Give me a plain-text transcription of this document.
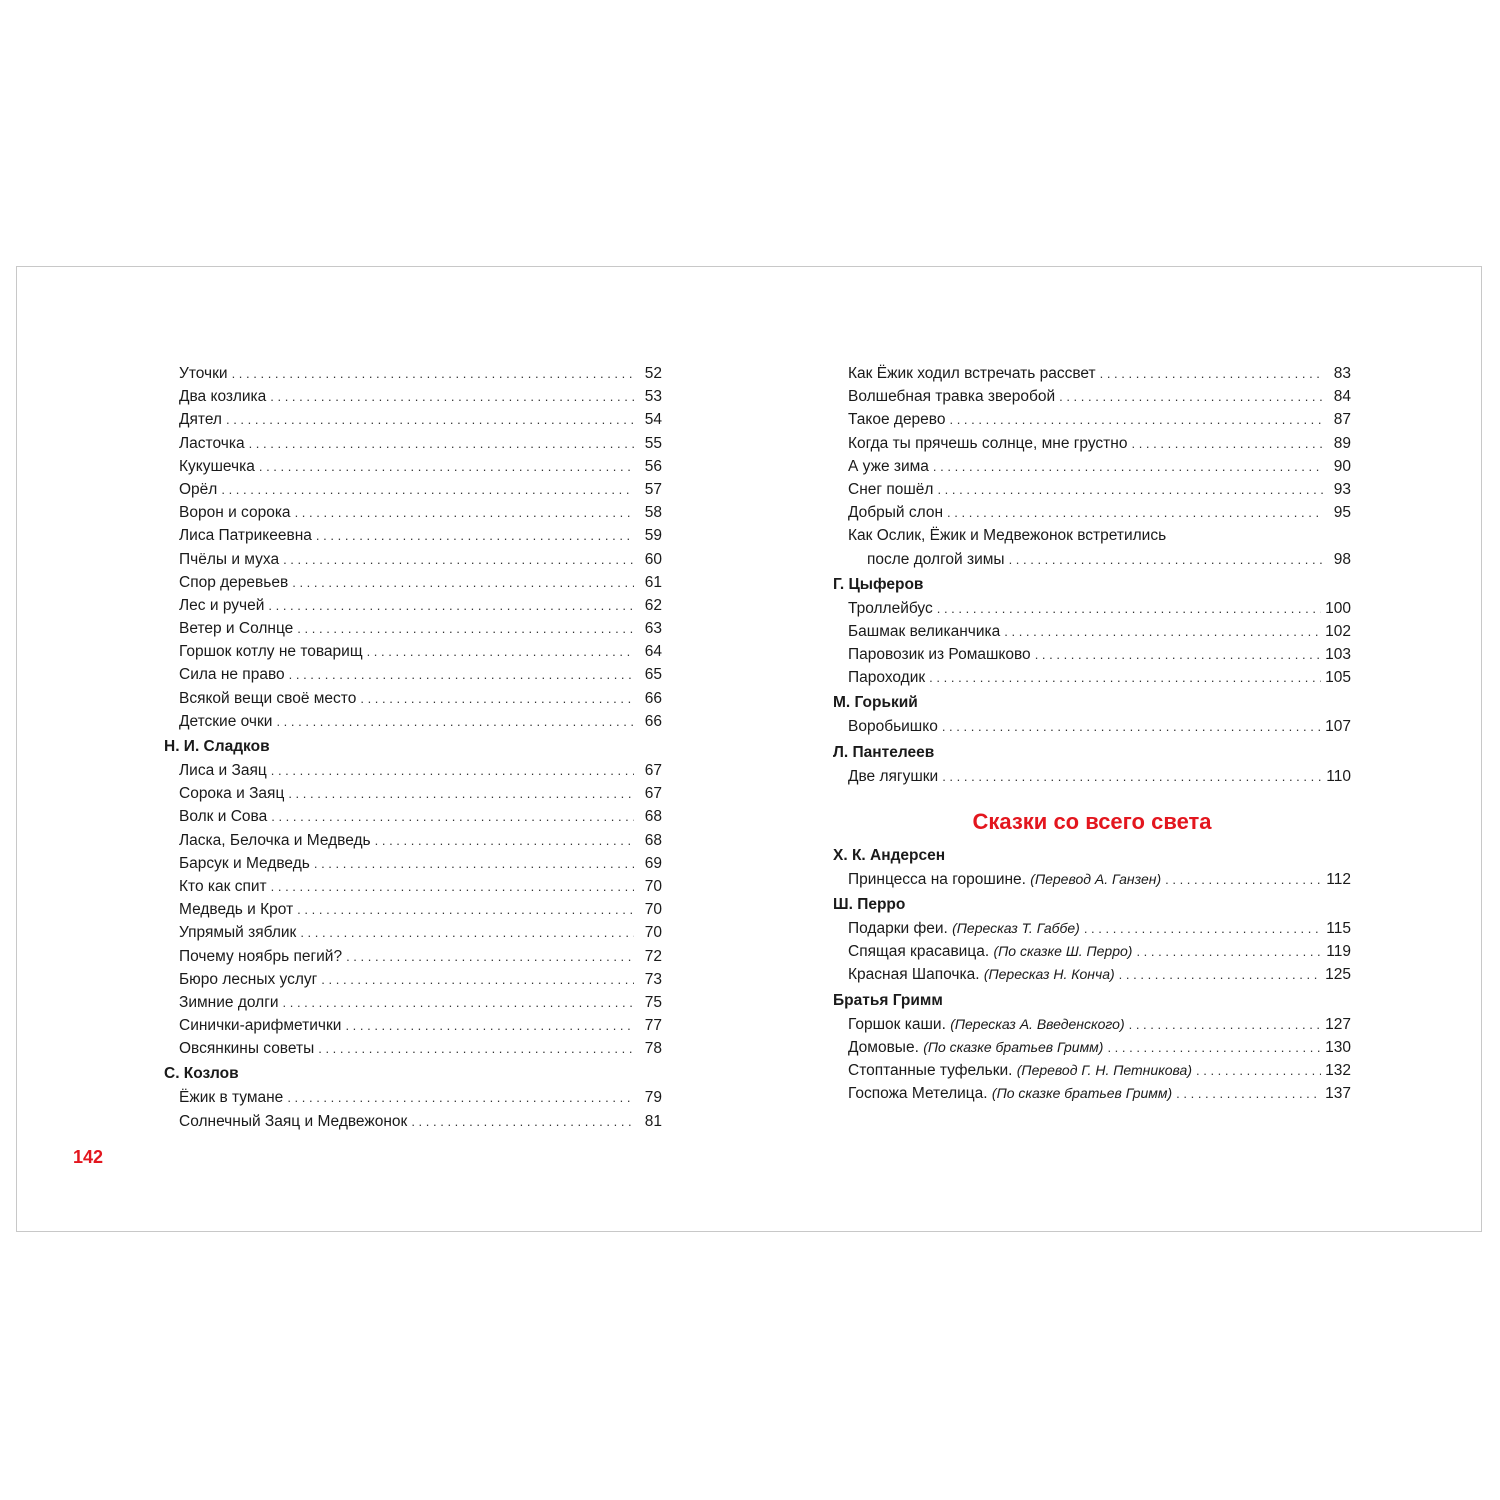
Уточки . . .	52
Два козлика . . .	53
Дятел . . .	54
Ласточка . . .	55
Кукушечка . . .	56
Орёл . . .	57
Ворон и сорока . . .	58
Лиса Патрикеевна . . .	59
Пчёлы и муха . . .	60
Спор деревьев . . .	61
Лес и ручей . . .	62
Ветер и Солнце . . .	63
Горшок котлу не товарищ . . .	64
Сила не право . . .	65
Всякой вещи своё место . . .	66
Детские очки . . .	66
Н. И. Сладков
Лиса и Заяц . . .	67
Сорока и Заяц . . .	67
Волк и Сова . . .	68
Ласка, Белочка и Медведь . . .	68
Барсук и Медведь . . .	69
Кто как спит . . .	70
Медведь и Крот . . .	70
Упрямый зяблик . . .	70
Почему ноябрь пегий? . . .	72
Бюро лесных услуг . . .	73
Зимние долги . . .	75
Синички-арифметички . . .	77
Овсянкины советы . . .	78
С. Козлов
Ёжик в тумане . . .	79
Солнечный Заяц и Медвежонок . . .	81
Как Ёжик ходил встречать рассвет . . .	83
Волшебная травка зверобой . . .	84
Такое дерево . . .	87
Когда ты прячешь солнце, мне грустно . . .	89
А уже зима . . .	90
Снег пошёл . . .	93
Добрый слон . . .	95
Как Ослик, Ёжик и Медвежонок встретились
после долгой зимы . . .	98
Г. Цыферов
Троллейбус . . .	100
Башмак великанчика . . .	102
Паровозик из Ромашково . . .	103
Пароходик . . .	105
М. Горький
Воробьишко . . .	107
Л. Пантелеев
Две лягушки . . .	110
Сказки со всего света
Х. К. Андерсен
Принцесса на горошине. (Перевод А. Ганзен) . . .	112
Ш. Перро
Подарки феи. (Пересказ Т. Габбе) . . .	115
Спящая красавица. (По сказке Ш. Перро) . . .	119
Красная Шапочка. (Пересказ Н. Конча) . . .	125
Братья Гримм
Горшок каши. (Пересказ А. Введенского) . . .	127
Домовые. (По сказке братьев Гримм) . . .	130
Стоптанные туфельки. (Перевод Г. Н. Петникова) . . .	132
Госпожа Метелица. (По сказке братьев Гримм) . . .	137
142
